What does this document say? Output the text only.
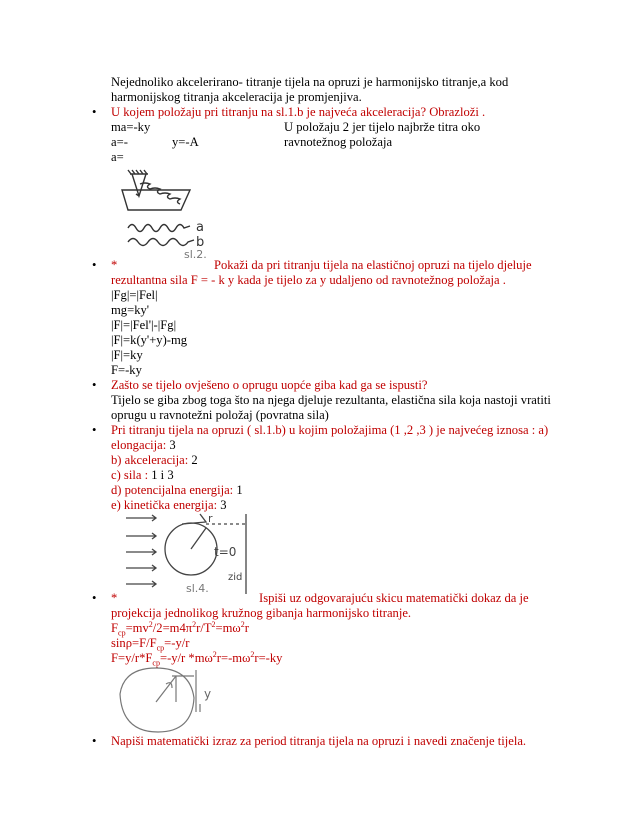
Nejednoliko akcelerirano- titranje tijela na opruzi je harmonijsko titranje,a kod
harmonijskog titranja akceleracija je promjenjiva.
• U kojem položaju pri titranju na sl.1.b je najveća akceleracija? Obrazloži .
ma=-ky
a=-	y=-A
a=
U položaju 2 jer tijelo najbrže titra oko
ravnotežnog položaja
a
b
sl.2.
• *	Pokaži da pri titranju tijela na elastičnoj opruzi na tijelo djeluje
rezultantna sila F = - k y kada je tijelo za y udaljeno od ravnotežnog položaja .
|Fg|=|Fel|
mg=ky'
|F|=|Fel'|-|Fg|
|F|=k(y'+y)-mg
|F|=ky
F=-ky
• Zašto se tijelo ovješeno o oprugu uopće giba kad ga se ispusti?
Tijelo se giba zbog toga što na njega djeluje rezultanta, elastična sila koja nastoji vratiti
oprugu u ravnotežni položaj (povratna sila)
• Pri titranju tijela na opruzi ( sl.1.b) u kojim položajima (1 ,2 ,3 ) je najvećeg iznosa : a)
elongacija: 3
b) akceleracija: 2
c) sila : 1 i 3
d) potencijalna energija: 1
e) kinetička energija: 3
r
t=0
zid
sl.4.
• *	Ispiši uz odgovarajuću skicu matematički dokaz da je
projekcija jednolikog kružnog gibanja harmonijsko titranje.
$F_{cp}=mv^2/2=m4\pi^2r/T^2=m\omega^2r$
$\sin\rho=F/F_{cp}=-y/r$
$F=y/r*F_{cp}=-y/r$ $*m\omega^2r=-m\omega^2r=-ky$
y
• Napiši matematički izraz za period titranja tijela na opruzi i navedi značenje tijela.
